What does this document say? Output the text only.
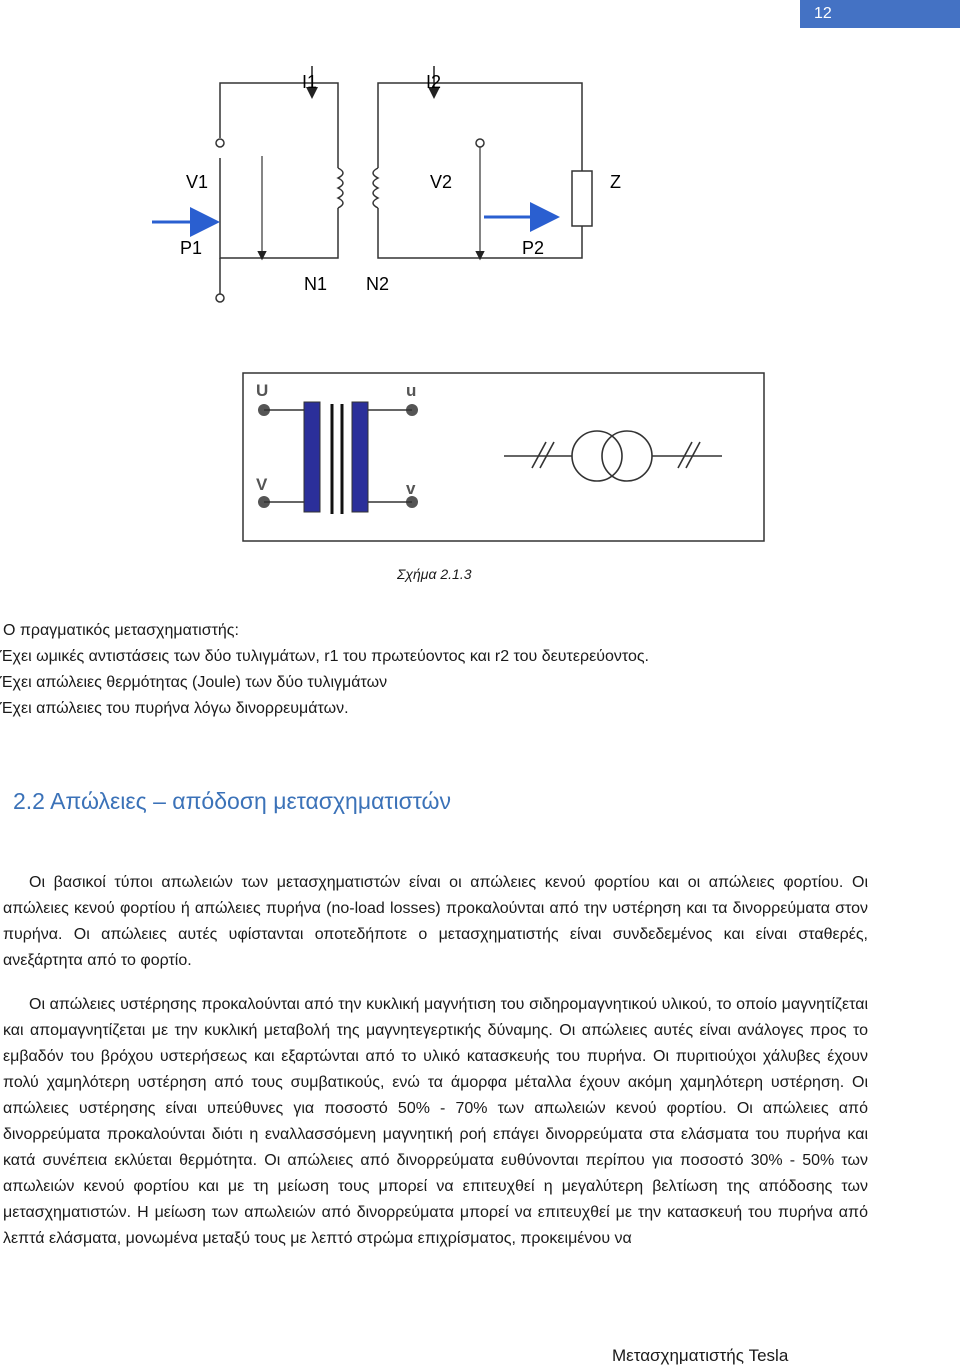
12
I1	I2
V1	V2
P1	P2
N1 N2
Z
U
V
u
v
Σχήμα 2.1.3
Ο πραγματικός μετασχηματιστής:
Έχει ωμικές αντιστάσεις των δύο τυλιγμάτων, r1 του πρωτεύοντος και r2 του δευτερεύοντος.
Έχει απώλειες θερμότητας (Joule) των δύο τυλιγμάτων
Έχει απώλειες του πυρήνα λόγω δινορρευμάτων.
2.2 Απώλειες – απόδοση μετασχηματιστών
Οι βασικοί τύποι απωλειών των μετασχηματιστών είναι οι απώλειες κενού φορτίου και οι απώλειες φορτίου. Οι απώλειες κενού φορτίου ή απώλειες πυρήνα (no-load losses) προκαλούνται από την υστέρηση και τα δινορρεύματα στον πυρήνα. Οι απώλειες αυτές υφίστανται οποτεδήποτε ο μετασχηματιστής είναι συνδεδεμένος και είναι σταθερές, ανεξάρτητα από το φορτίο.
Οι απώλειες υστέρησης προκαλούνται από την κυκλική μαγνήτιση του σιδηρομαγνητικού υλικού, το οποίο μαγνητίζεται και απομαγνητίζεται με την κυκλική μεταβολή της μαγνητεγερτικής δύναμης. Οι απώλειες αυτές είναι ανάλογες προς το εμβαδόν του βρόχου υστερήσεως και εξαρτώνται από το υλικό κατασκευής του πυρήνα. Οι πυριτιούχοι χάλυβες έχουν πολύ χαμηλότερη υστέρηση από τους συμβατικούς, ενώ τα άμορφα μέταλλα έχουν ακόμη χαμηλότερη υστέρηση. Οι απώλειες υστέρησης είναι υπεύθυνες για ποσοστό 50% - 70% των απωλειών κενού φορτίου. Οι απώλειες από δινορρεύματα προκαλούνται διότι η εναλλασσόμενη μαγνητική ροή επάγει δινορρεύματα στα ελάσματα του πυρήνα και κατά συνέπεια εκλύεται θερμότητα. Οι απώλειες από δινορρεύματα ευθύνονται περίπου για ποσοστό 30% - 50% των απωλειών κενού φορτίου και με τη μείωση τους μπορεί να επιτευχθεί η μεγαλύτερη βελτίωση της απόδοσης των μετασχηματιστών. Η μείωση των απωλειών από δινορρεύματα μπορεί να επιτευχθεί με την κατασκευή του πυρήνα από λεπτά ελάσματα, μονωμένα μεταξύ τους με λεπτό στρώμα επιχρίσματος, προκειμένου να
Μετασχηματιστής Tesla
